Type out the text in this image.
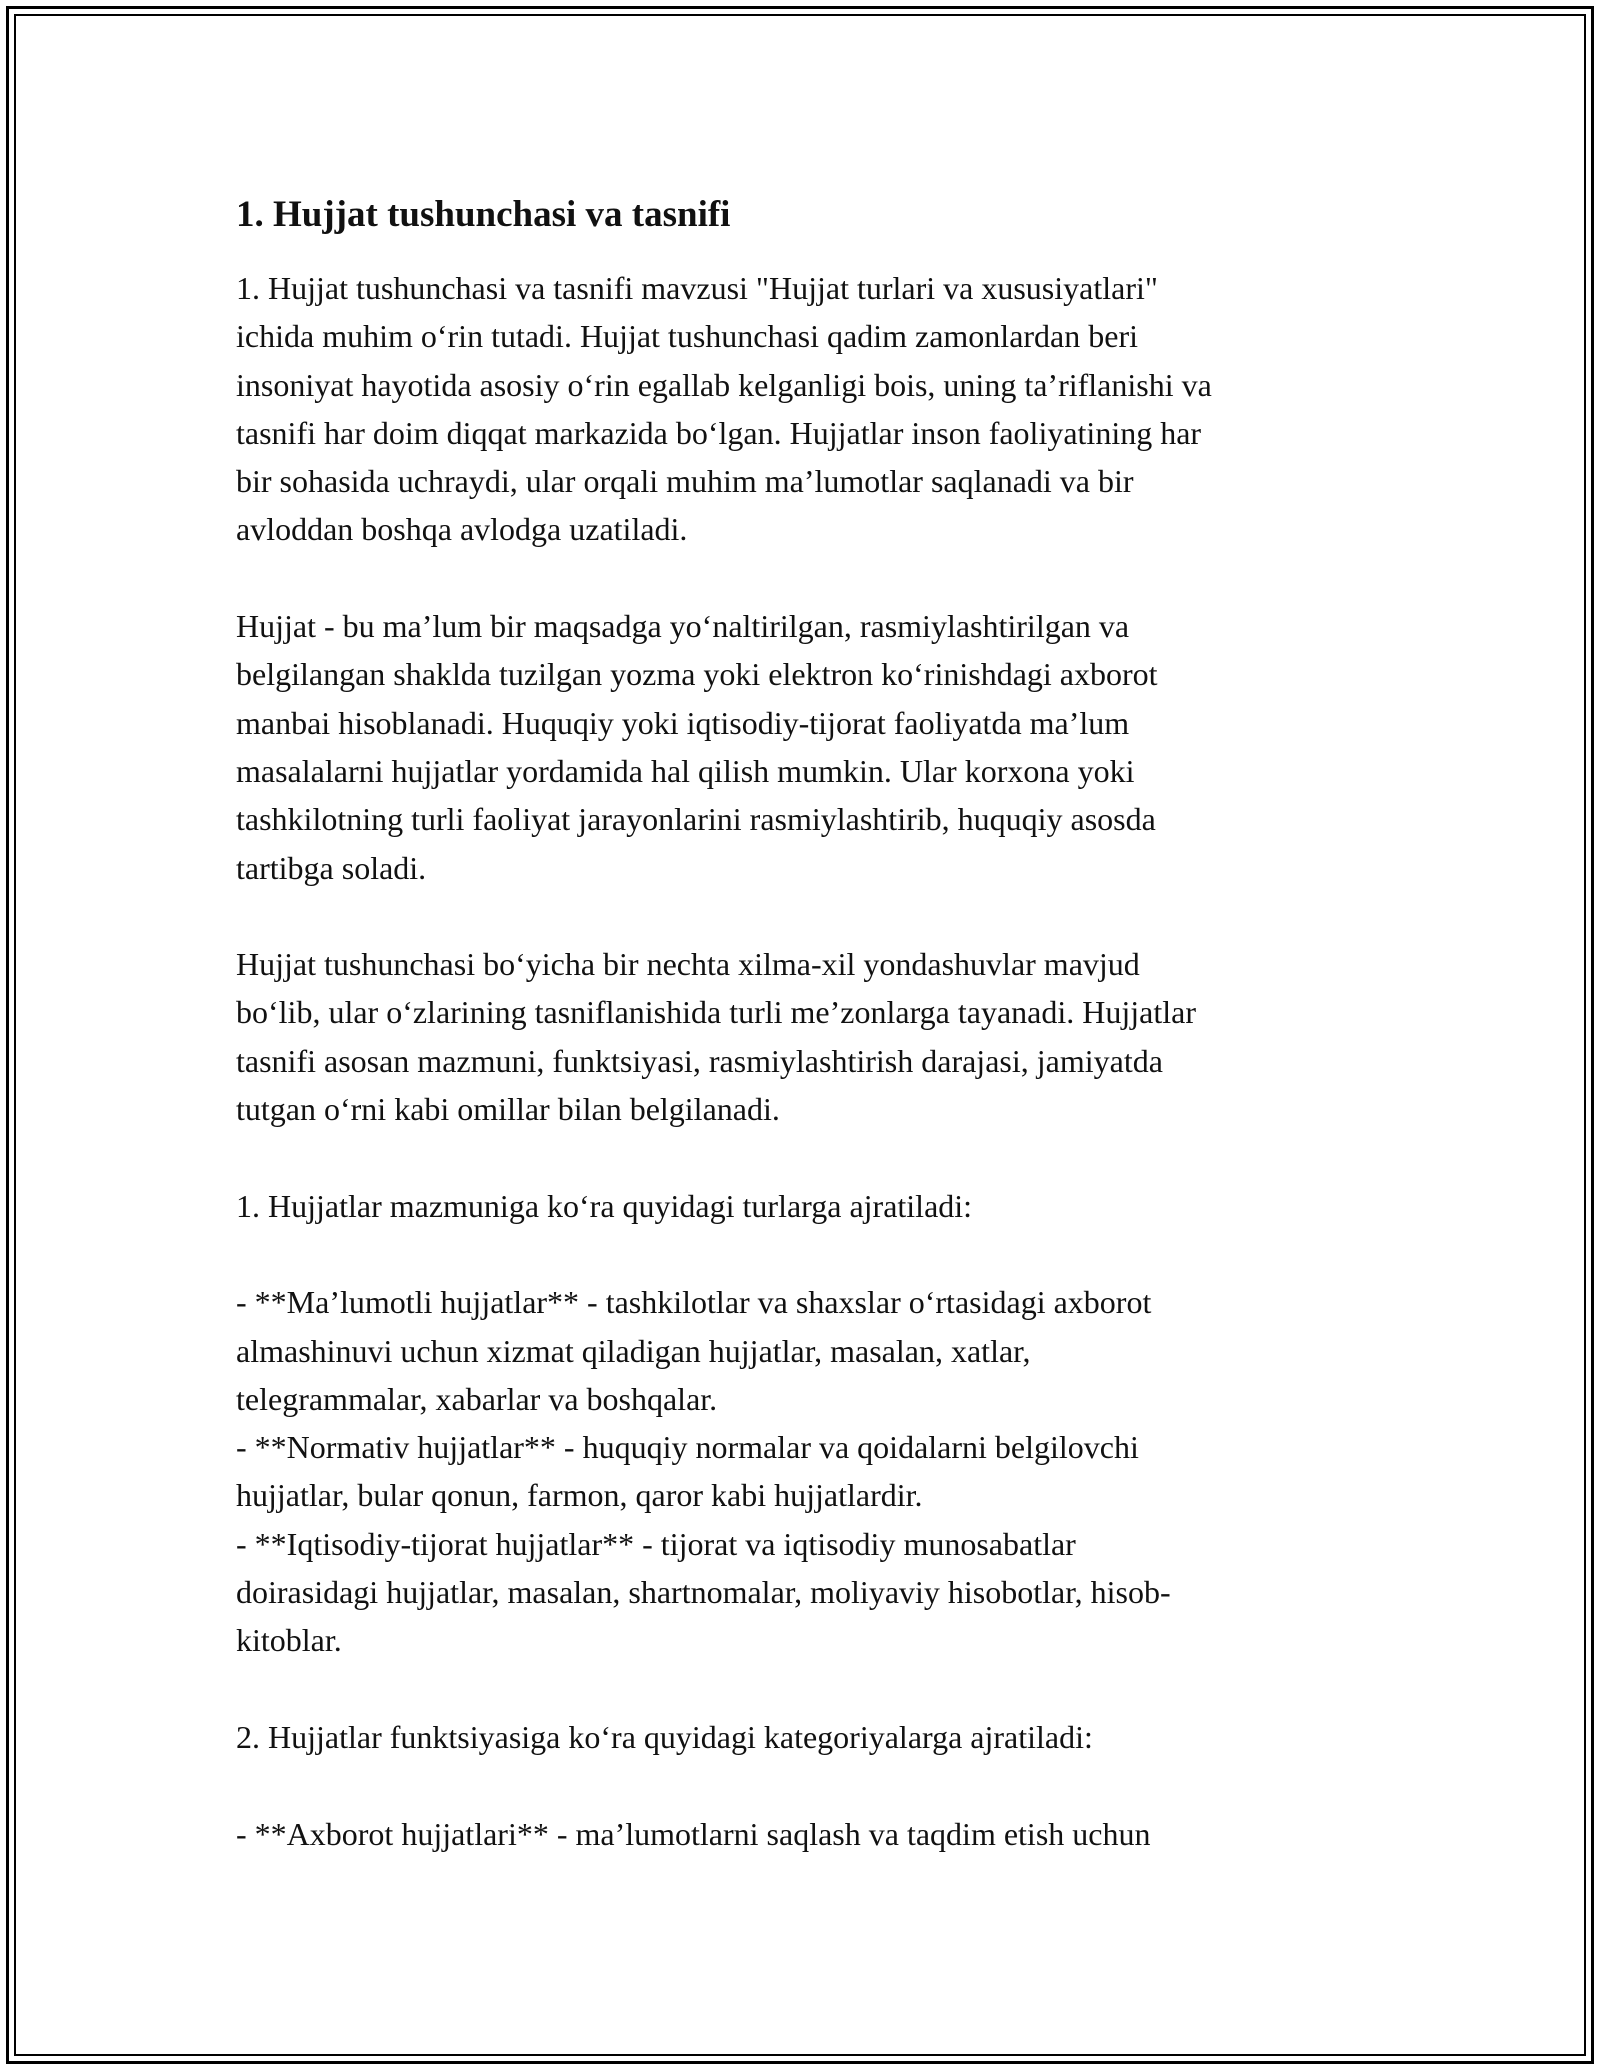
1. Hujjat tushunchasi va tasnifi
1. Hujjat tushunchasi va tasnifi mavzusi "Hujjat turlari va xususiyatlari"
ichida muhim o‘rin tutadi. Hujjat tushunchasi qadim zamonlardan beri
insoniyat hayotida asosiy o‘rin egallab kelganligi bois, uning ta’riflanishi va
tasnifi har doim diqqat markazida bo‘lgan. Hujjatlar inson faoliyatining har
bir sohasida uchraydi, ular orqali muhim ma’lumotlar saqlanadi va bir
avloddan boshqa avlodga uzatiladi.
Hujjat - bu ma’lum bir maqsadga yo‘naltirilgan, rasmiylashtirilgan va
belgilangan shaklda tuzilgan yozma yoki elektron ko‘rinishdagi axborot
manbai hisoblanadi. Huquqiy yoki iqtisodiy-tijorat faoliyatda ma’lum
masalalarni hujjatlar yordamida hal qilish mumkin. Ular korxona yoki
tashkilotning turli faoliyat jarayonlarini rasmiylashtirib, huquqiy asosda
tartibga soladi.
Hujjat tushunchasi bo‘yicha bir nechta xilma-xil yondashuvlar mavjud
bo‘lib, ular o‘zlarining tasniflanishida turli me’zonlarga tayanadi. Hujjatlar
tasnifi asosan mazmuni, funktsiyasi, rasmiylashtirish darajasi, jamiyatda
tutgan o‘rni kabi omillar bilan belgilanadi.
1. Hujjatlar mazmuniga ko‘ra quyidagi turlarga ajratiladi:
- **Ma’lumotli hujjatlar** - tashkilotlar va shaxslar o‘rtasidagi axborot
almashinuvi uchun xizmat qiladigan hujjatlar, masalan, xatlar,
telegrammalar, xabarlar va boshqalar.
- **Normativ hujjatlar** - huquqiy normalar va qoidalarni belgilovchi
hujjatlar, bular qonun, farmon, qaror kabi hujjatlardir.
- **Iqtisodiy-tijorat hujjatlar** - tijorat va iqtisodiy munosabatlar
doirasidagi hujjatlar, masalan, shartnomalar, moliyaviy hisobotlar, hisob-
kitoblar.
2. Hujjatlar funktsiyasiga ko‘ra quyidagi kategoriyalarga ajratiladi:
- **Axborot hujjatlari** - ma’lumotlarni saqlash va taqdim etish uchun
